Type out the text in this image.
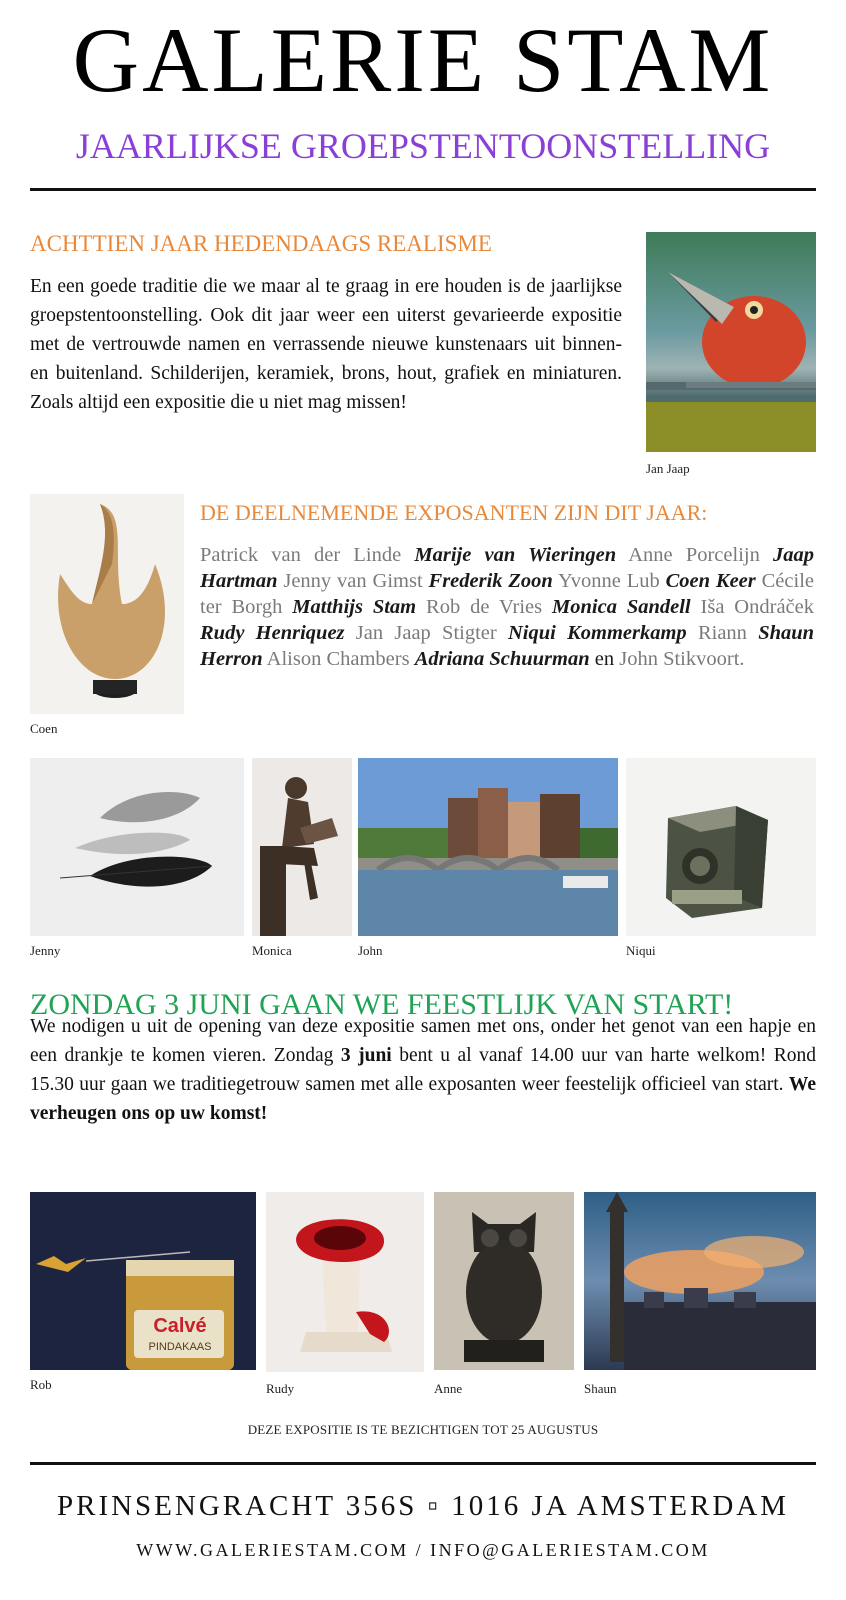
GALERIE STAM
JAARLIJKSE GROEPSTENTOONSTELLING
ACHTTIEN JAAR HEDENDAAGS REALISME

En een goede traditie die we maar al te graag in ere houden is de jaarlijkse groepstentoonstelling. Ook dit jaar weer een uiterst gevarieerde expositie met de vertrouwde namen en verrassende nieuwe kunstenaars uit binnen- en buitenland. Schilderijen, keramiek, brons, hout, grafiek en miniaturen. Zoals altijd een expositie die u niet mag missen!

Jan Jaap
Coen
DE DEELNEMENDE EXPOSANTEN ZIJN DIT JAAR:

Patrick van der Linde Marije van Wieringen Anne Porcelijn Jaap Hartman Jenny van Gimst Frederik Zoon Yvonne Lub Coen Keer Cécile ter Borgh Matthijs Stam Rob de Vries Monica Sandell Iša Ondráček Rudy Henriquez Jan Jaap Stigter Niqui Kommerkamp Riann Shaun Herron Alison Chambers Adriana Schuurman en John Stikvoort.

Jenny	Monica	John	Niqui
ZONDAG 3 JUNI GAAN WE FEESTLIJK VAN START!

We nodigen u uit de opening van deze expositie samen met ons, onder het genot van een hapje en een drankje te komen vieren. Zondag 3 juni bent u al vanaf 14.00 uur van harte welkom! Rond 15.30 uur gaan we traditiegetrouw samen met alle exposanten weer feestelijk officieel van start. We verheugen ons op uw komst!

Calvé
PINDAKAAS
Rob	Rudy	Anne	Shaun
DEZE EXPOSITIE IS TE BEZICHTIGEN TOT 25 AUGUSTUS
PRINSENGRACHT 356S ▫ 1016 JA AMSTERDAM
WWW.GALERIESTAM.COM / INFO@GALERIESTAM.COM
